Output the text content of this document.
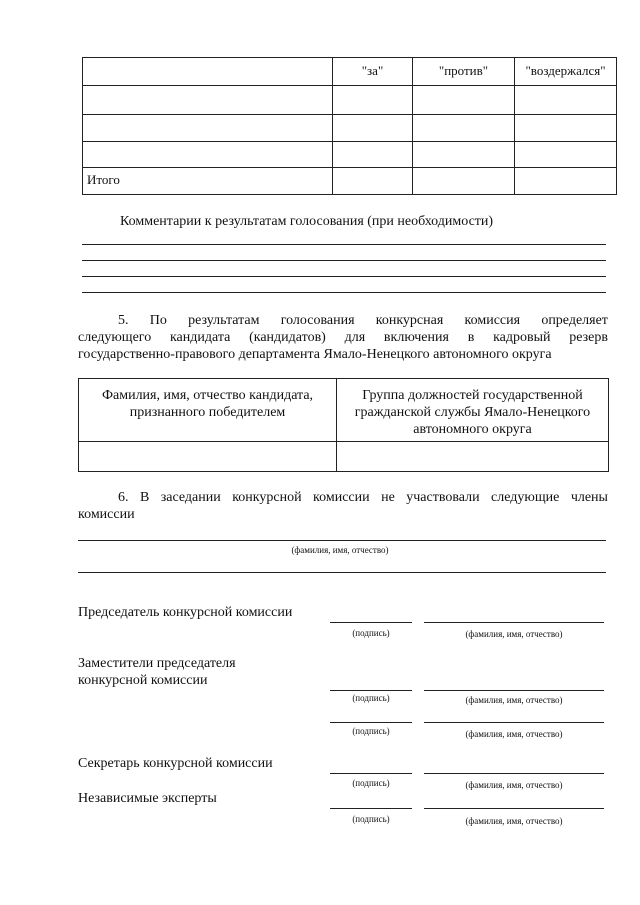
	"за"	"против"	"воздержался"

Итого			
Комментарии к результатам голосования (при необходимости)
5. По результатам голосования конкурсная комиссия определяет
следующего кандидата (кандидатов) для включения в кадровый резерв
государственно-правового департамента Ямало-Ненецкого автономного округа
Фамилия, имя, отчество кандидата, признанного победителем	Группа должностей государственной гражданской службы Ямало-Ненецкого автономного округа

6. В заседании конкурсной комиссии не участвовали следующие члены
комиссии
(фамилия, имя, отчество)
Председатель конкурсной комиссии
(подпись)	(фамилия, имя, отчество)
Заместители председателя
конкурсной комиссии
(подпись)	(фамилия, имя, отчество)
(подпись)	(фамилия, имя, отчество)
Секретарь конкурсной комиссии
(подпись)	(фамилия, имя, отчество)
Независимые эксперты
(подпись)	(фамилия, имя, отчество)
